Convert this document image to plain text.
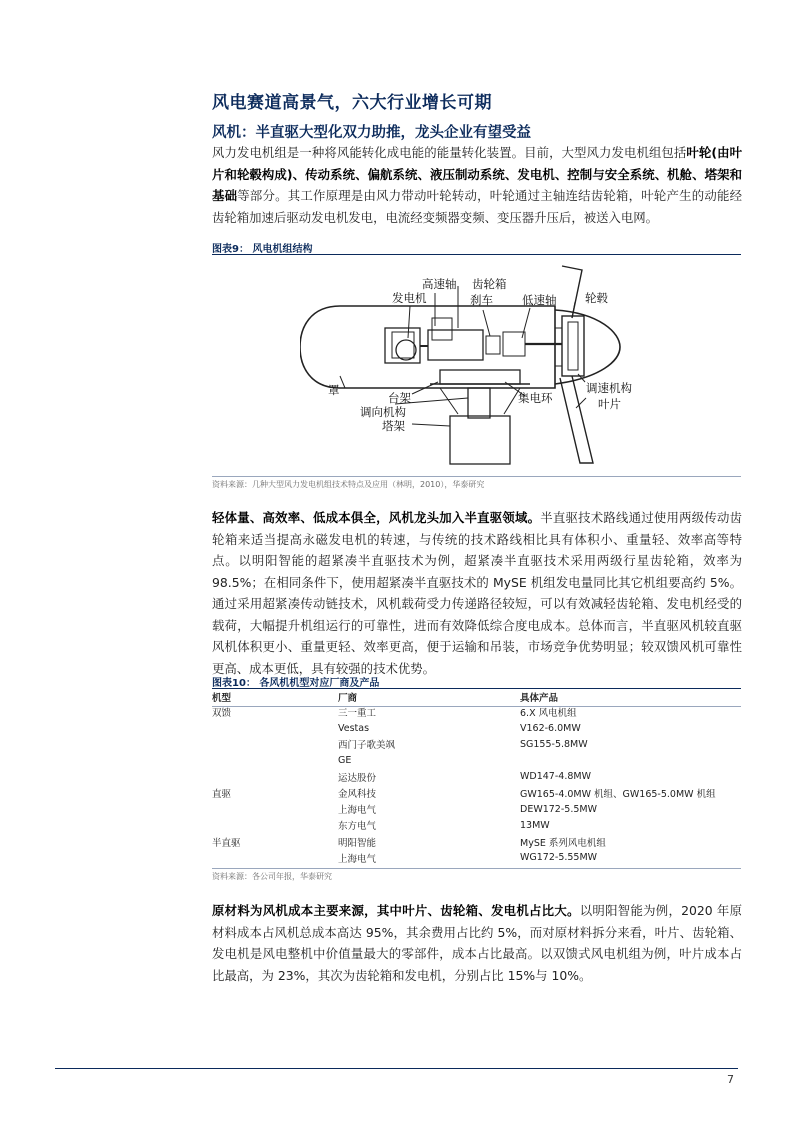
风电赛道高景气，六大行业增长可期
风机：半直驱大型化双力助推，龙头企业有望受益
风力发电机组是一种将风能转化成电能的能量转化装置。目前，大型风力发电机组包括叶轮(由叶片和轮毂构成)、传动系统、偏航系统、液压制动系统、发电机、控制与安全系统、机舱、塔架和基础等部分。其工作原理是由风力带动叶轮转动，叶轮通过主轴连结齿轮箱，叶轮产生的动能经齿轮箱加速后驱动发电机发电，电流经变频器变频、变压器升压后，被送入电网。
图表9： 风电机组结构
高速轴 齿轮箱
发电机	刹车	低速轴 轮毂
罩
台架	集电环
调速机构
调向机构
叶片
塔架
资料来源：几种大型风力发电机组技术特点及应用（林明，2010），华泰研究
轻体量、高效率、低成本俱全，风机龙头加入半直驱领域。半直驱技术路线通过使用两级传动齿轮箱来适当提高永磁发电机的转速，与传统的技术路线相比具有体积小、重量轻、效率高等特点。以明阳智能的超紧凑半直驱技术为例，超紧凑半直驱技术采用两级行星齿轮箱，效率为 98.5%；在相同条件下，使用超紧凑半直驱技术的 MySE 机组发电量同比其它机组要高约 5%。通过采用超紧凑传动链技术，风机载荷受力传递路径较短，可以有效减轻齿轮箱、发电机经受的载荷，大幅提升机组运行的可靠性，进而有效降低综合度电成本。总体而言，半直驱风机较直驱风机体积更小、重量更轻、效率更高，便于运输和吊装，市场竞争优势明显；较双馈风机可靠性更高、成本更低，具有较强的技术优势。
图表10： 各风机机型对应厂商及产品
机型	厂商	具体产品
双馈	三一重工	6.X 风电机组
	Vestas	V162-6.0MW
	西门子歌美飒	SG155-5.8MW
	GE	
	运达股份	WD147-4.8MW
直驱	金风科技	GW165-4.0MW 机组、GW165-5.0MW 机组
	上海电气	DEW172-5.5MW
	东方电气	13MW
半直驱	明阳智能	MySE 系列风电机组
	上海电气	WG172-5.55MW
资料来源：各公司年报，华泰研究
原材料为风机成本主要来源，其中叶片、齿轮箱、发电机占比大。以明阳智能为例，2020 年原材料成本占风机总成本高达 95%，其余费用占比约 5%，而对原材料拆分来看，叶片、齿轮箱、发电机是风电整机中价值量最大的零部件，成本占比最高。以双馈式风电机组为例，叶片成本占比最高，为 23%，其次为齿轮箱和发电机，分别占比 15%与 10%。
7
